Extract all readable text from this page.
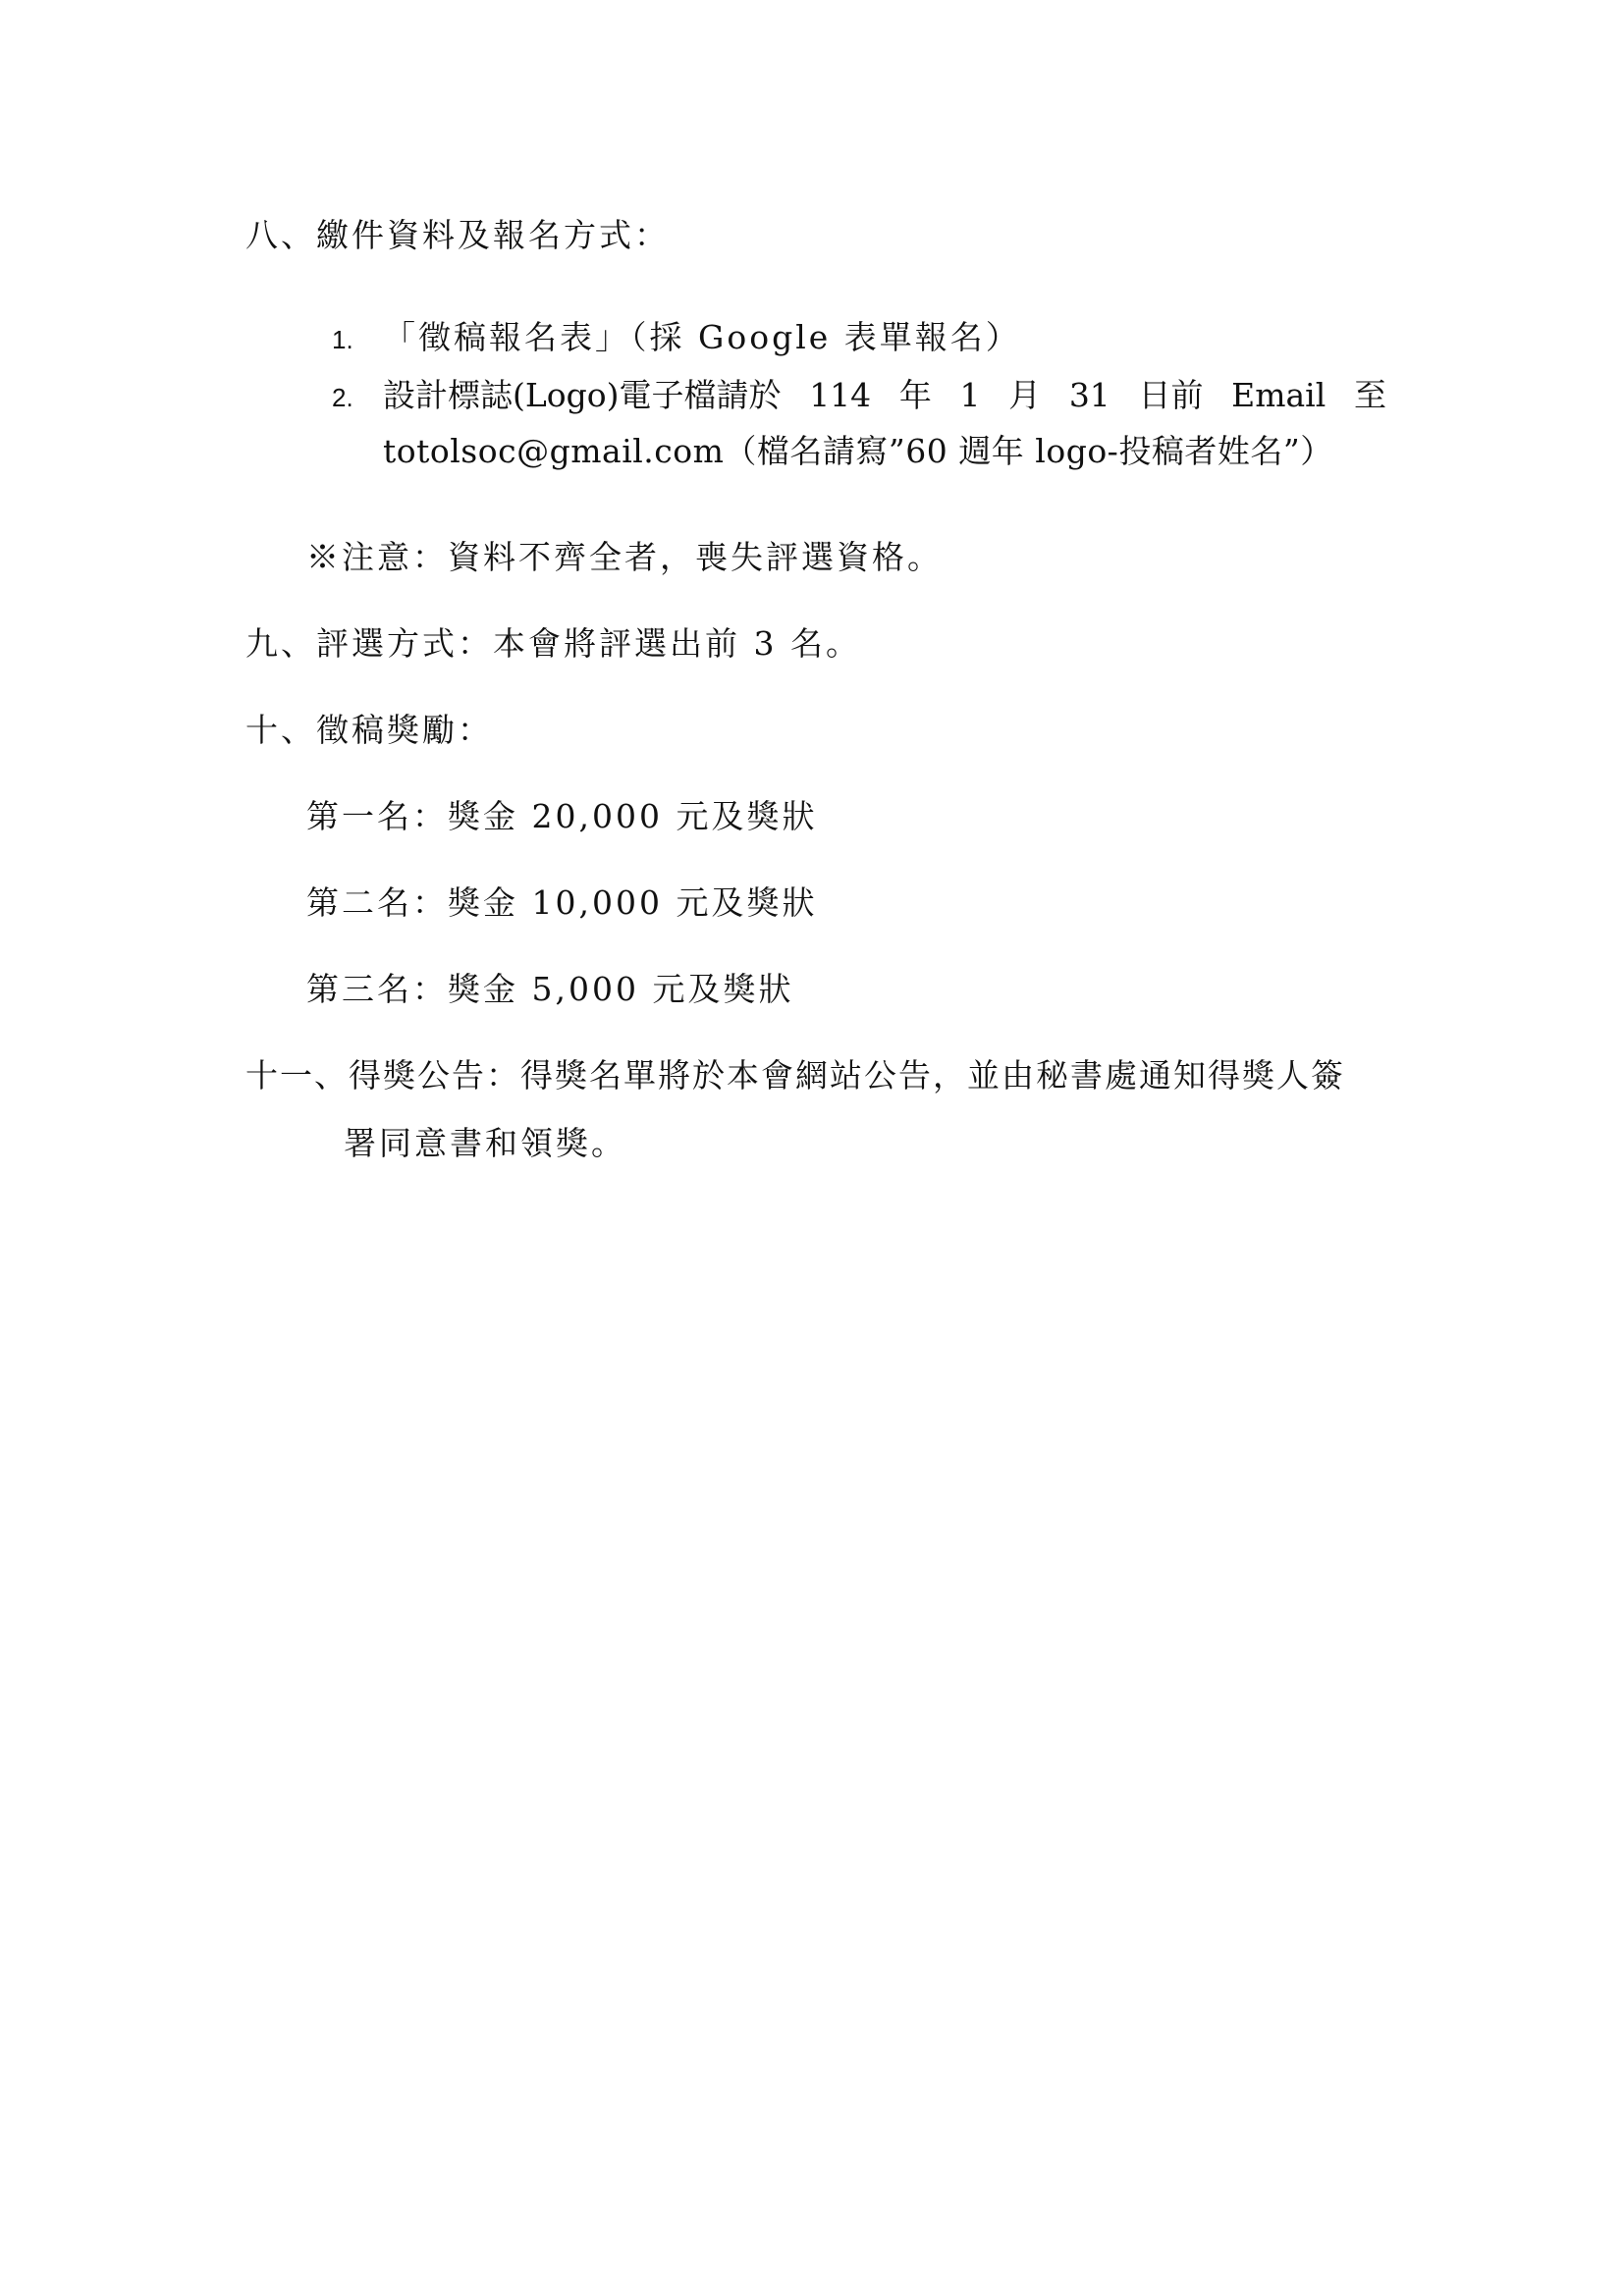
八、繳件資料及報名方式：
1. 「徵稿報名表」（採 Google 表單報名）
2. 設計標誌(Logo)電子檔請於 114 年 1 月 31 日前 Email 至
totolsoc@gmail.com（檔名請寫”60 週年 logo-投稿者姓名”）
※注意：資料不齊全者，喪失評選資格。
九、評選方式：本會將評選出前 3 名。
十、徵稿獎勵：
第一名：獎金 20,000 元及獎狀
第二名：獎金 10,000 元及獎狀
第三名：獎金 5,000 元及獎狀
十一、得獎公告：得獎名單將於本會網站公告，並由秘書處通知得獎人簽
署同意書和領獎。
